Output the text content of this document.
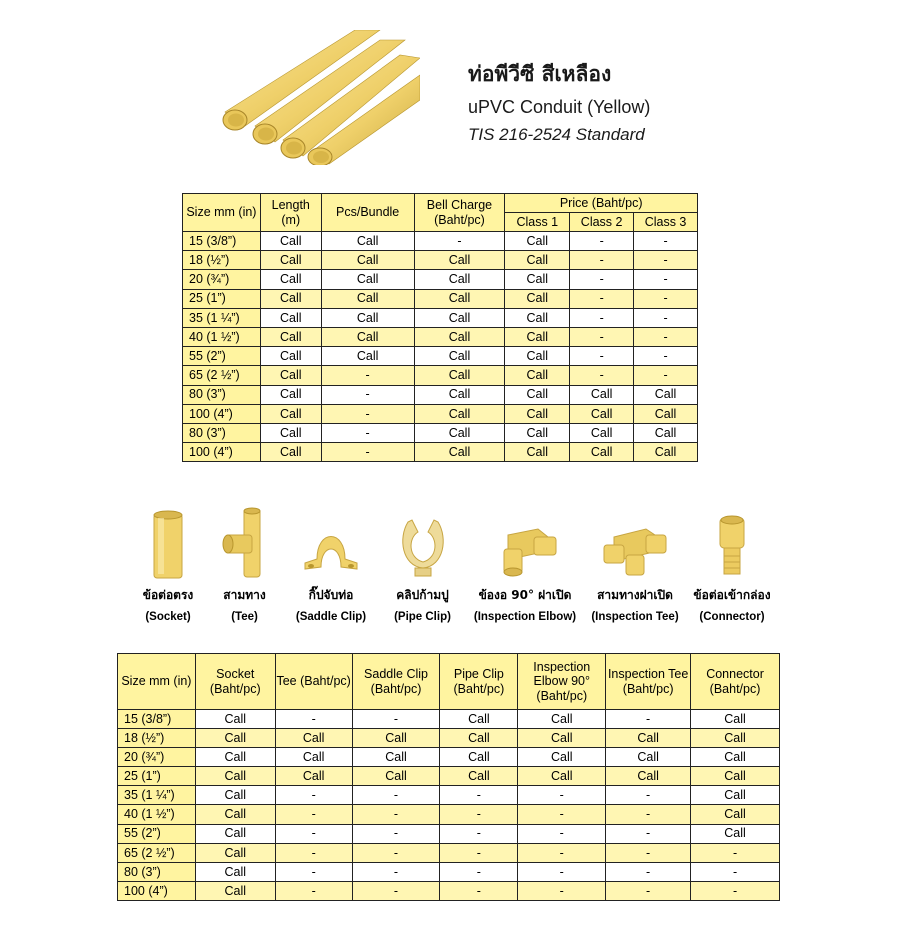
ท่อพีวีซี สีเหลือง
uPVC Conduit (Yellow)
TIS 216-2524 Standard
Size mm (in)	Length (m)	Pcs/Bundle	Bell Charge (Baht/pc)	Price (Baht/pc)		
				Class 1	Class 2	Class 3
15 (3/8”)	Call	Call	-	Call	-	-
18 (½”)	Call	Call	Call	Call	-	-
20 (¾”)	Call	Call	Call	Call	-	-
25 (1”)	Call	Call	Call	Call	-	-
35 (1 ¼”)	Call	Call	Call	Call	-	-
40 (1 ½”)	Call	Call	Call	Call	-	-
55 (2”)	Call	Call	Call	Call	-	-
65 (2 ½”)	Call	-	Call	Call	-	-
80 (3”)	Call	-	Call	Call	Call	Call
100 (4”)	Call	-	Call	Call	Call	Call
80 (3”)	Call	-	Call	Call	Call	Call
100 (4”)	Call	-	Call	Call	Call	Call
ข้อต่อตรง
(Socket)
สามทาง
(Tee)
กิ๊ปจับท่อ
(Saddle Clip)
คลิปก้ามปู
(Pipe Clip)
ข้องอ 90° ฝาเปิด
(Inspection Elbow)
สามทางฝาเปิด
(Inspection Tee)
ข้อต่อเข้ากล่อง
(Connector)
Size mm (in)	Socket (Baht/pc)	Tee (Baht/pc)	Saddle Clip (Baht/pc)	Pipe Clip (Baht/pc)	Inspection Elbow 90° (Baht/pc)	Inspection Tee (Baht/pc)	Connector (Baht/pc)
15 (3/8”)	Call	-	-	Call	Call	-	Call
18 (½”)	Call	Call	Call	Call	Call	Call	Call
20 (¾”)	Call	Call	Call	Call	Call	Call	Call
25 (1”)	Call	Call	Call	Call	Call	Call	Call
35 (1 ¼”)	Call	-	-	-	-	-	Call
40 (1 ½”)	Call	-	-	-	-	-	Call
55 (2”)	Call	-	-	-	-	-	Call
65 (2 ½”)	Call	-	-	-	-	-	-
80 (3”)	Call	-	-	-	-	-	-
100 (4”)	Call	-	-	-	-	-	-
